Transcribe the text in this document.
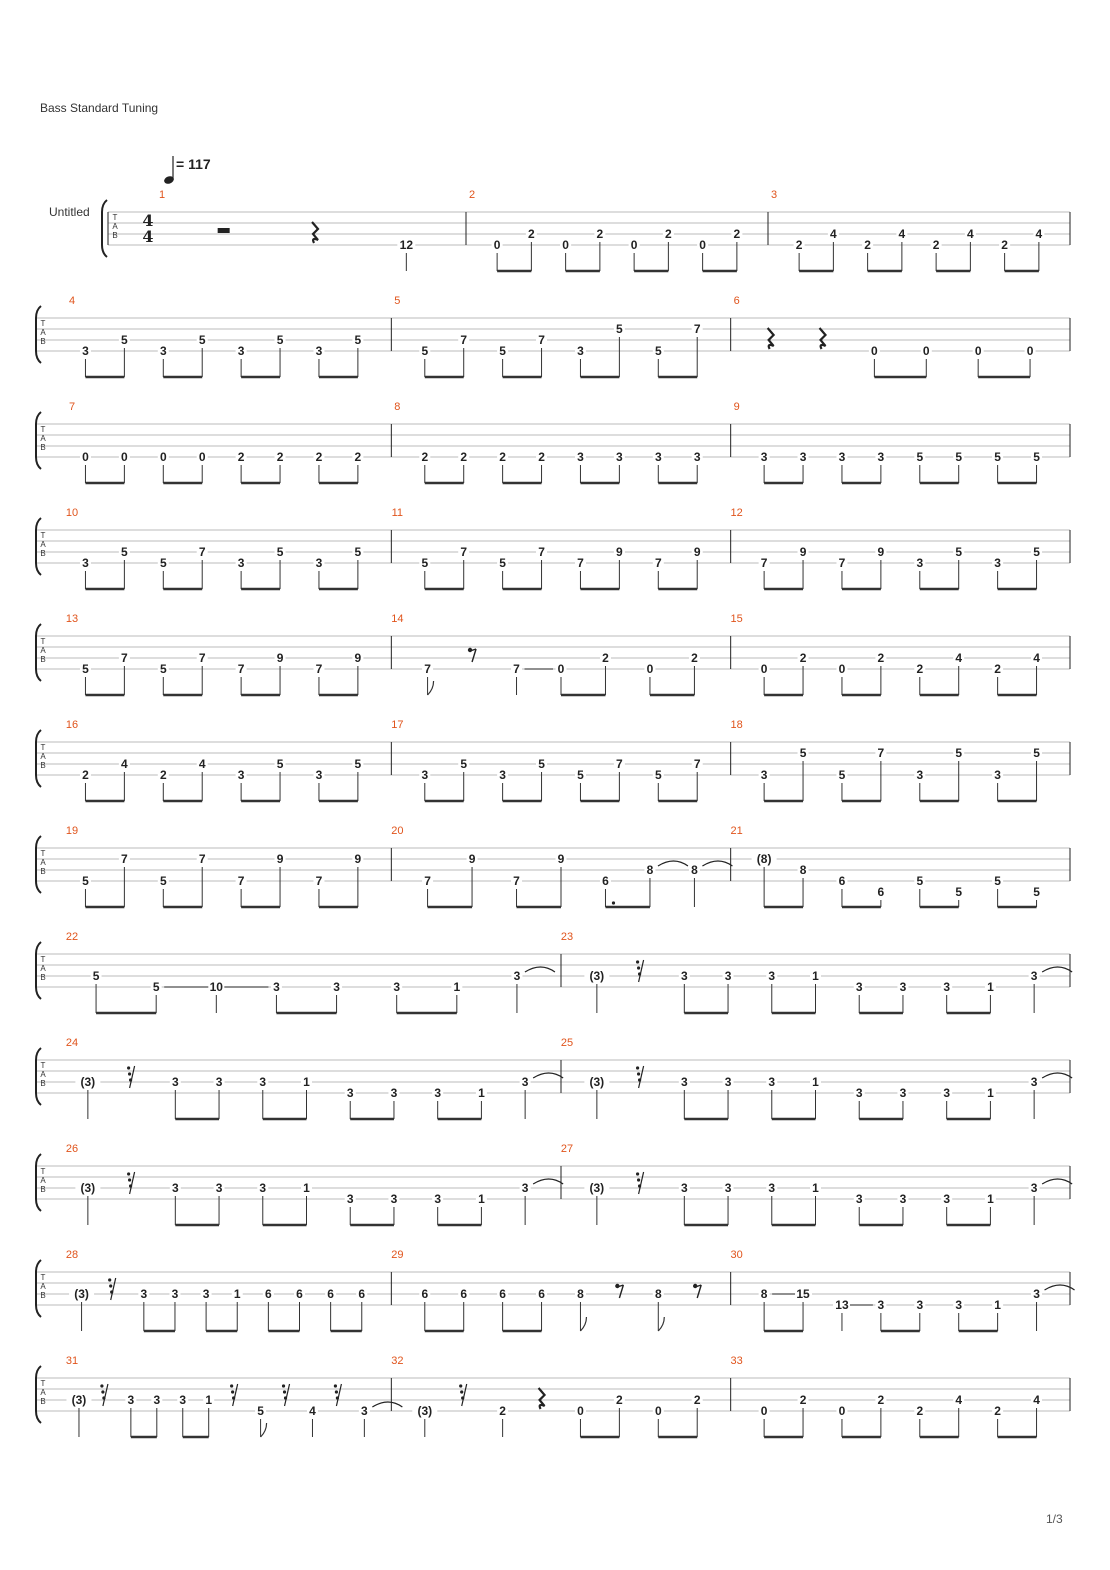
Bass Standard Tuning
= 117
Untitled	T
A
B
4
4
1
12
2
0
2
0
2
0
2
0
2
3
2
4
2
4
2
4
2
4
T
A
B
4
3
5
3
5
3
5
3
5
5
5
7
5
7
3
5
5
7
6
0	0	0	0
T
A
B
7
0	0	0	0	2	2	2	2
8
2	2	2	2	3	3	3	3
9
3	3	3	3	5	5	5	5
T
A
B
10
3
5
5
7
3
5
3
5
11
5
7
5
7
7
9
7
9
12
7
9
7
9
3
5
3
5
T
A
B
13
5
7
5
7
7
9
7
9
14
7	7	0
2
0
2
15
0
2
0
2
2
4
2
4
T
A
B
16
2
4
2
4
3
5
3
5
17
3
5
3
5
5
7
5
7
18
3
5
5
7
3
5
3
5
T
A
B
19
5
7
5
7
7
9
7
9
20
7
9
7
9
6
8	8
21
(8)
8
6
6
5
5
5
5
T
A
B
22
5
5	10	3	3	3	1
3
23
(3)	3	3	3	1
3	3	3	1
3
T
A
B
24
(3)	3	3	3	1
3	3	3	1
3
25
(3)	3	3	3	1
3	3	3	1
3
T
A
B
26
(3)	3	3	3	1
3	3	3	1
3
27
(3)	3	3	3	1
3	3	3	1
3
T
A
B
28
(3)	3 3 3 1 6 6 6 6
29
6	6	6	6	8	8
30
8 15
13 3	3	3	1
3
T
A
B
31
(3)	3 3 3 1
5	4	3
32
(3)	2	0
2
0
2
33
0
2
0
2
2
4
2
4
1/3
